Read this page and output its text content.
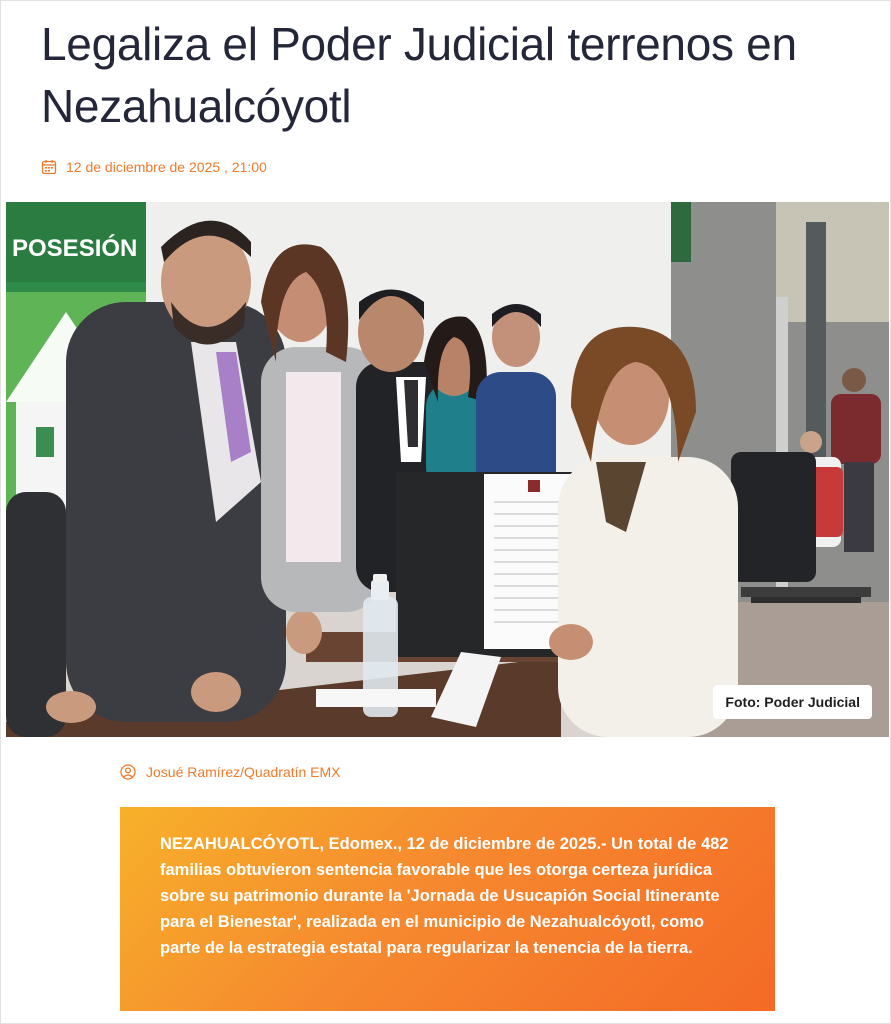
Legaliza el Poder Judicial terrenos en Nezahualcóyotl
12 de diciembre de 2025 , 21:00
POSESIÓN
Foto: Poder Judicial
Josué Ramírez/Quadratín EMX

NEZAHUALCÓYOTL, Edomex., 12 de diciembre de 2025.- Un total de 482 familias obtuvieron sentencia favorable que les otorga certeza jurídica sobre su patrimonio durante la 'Jornada de Usucapión Social Itinerante para el Bienestar', realizada en el municipio de Nezahualcóyotl, como parte de la estrategia estatal para regularizar la tenencia de la tierra.
